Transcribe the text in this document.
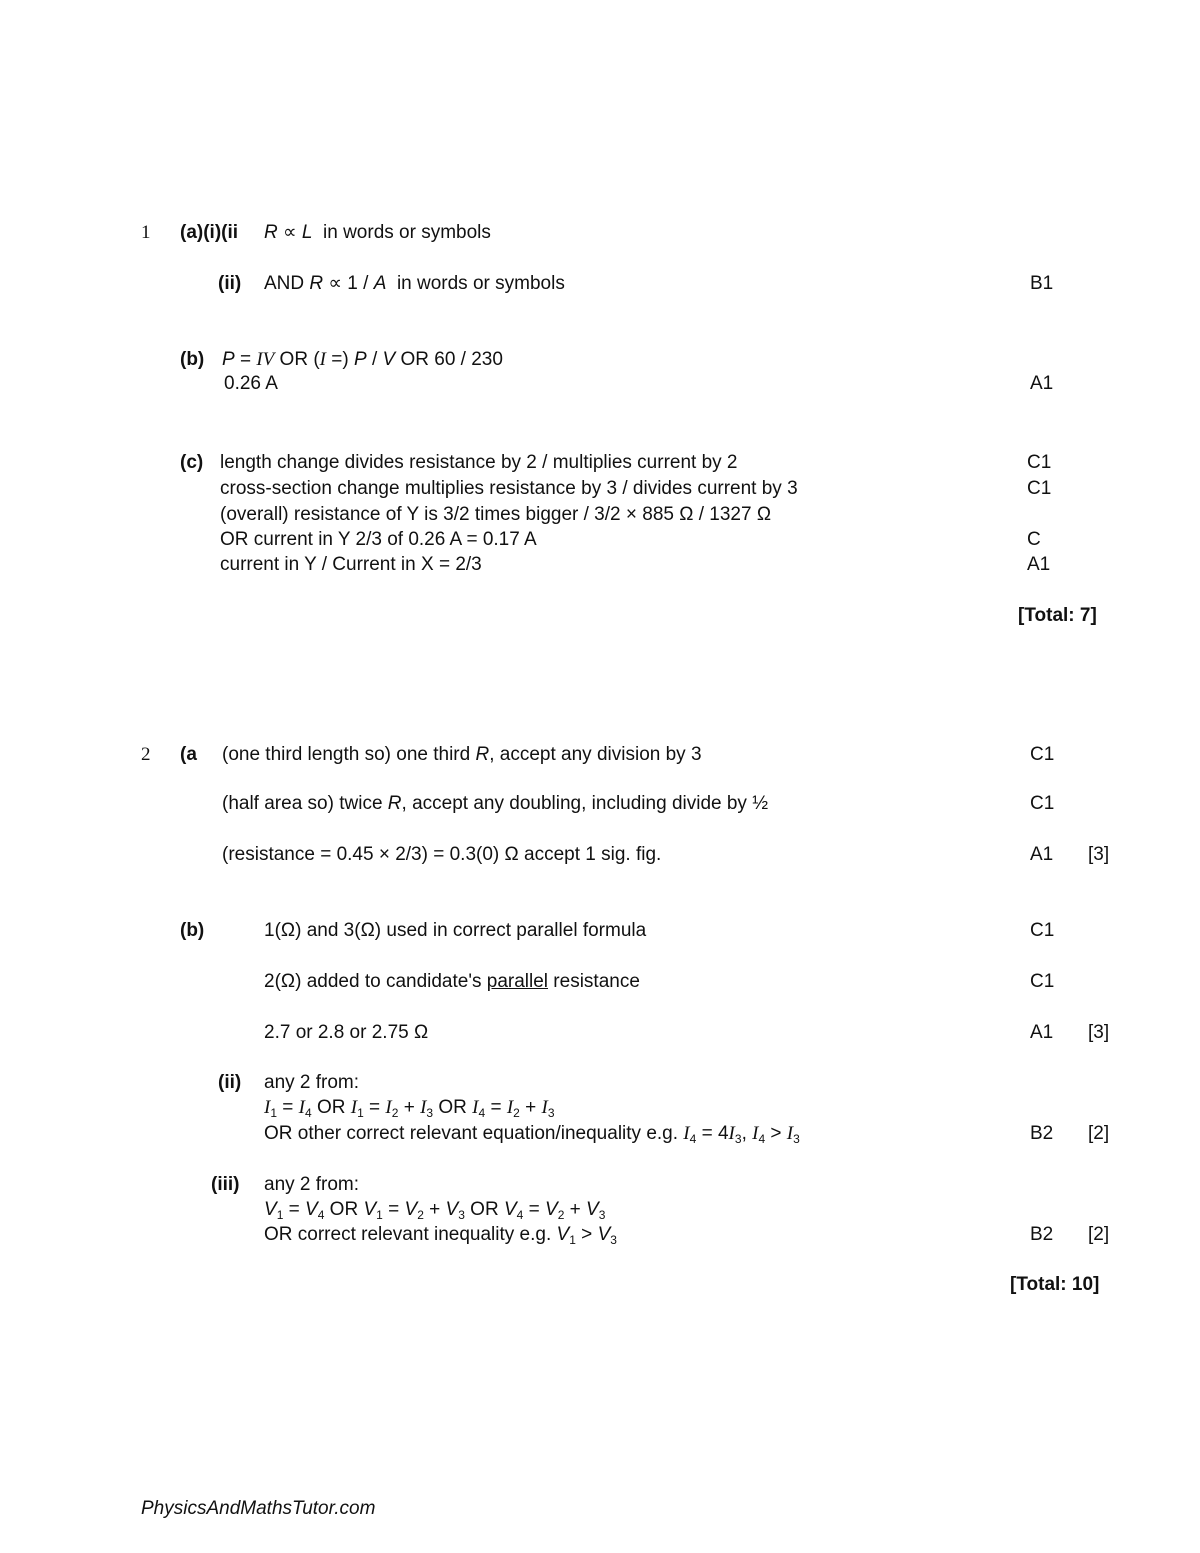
1 (a)(i)(ii R ∝ L in words or symbols
(ii) AND R ∝ 1 / A in words or symbols	B1
(b) P = IV OR (I =) P / V OR 60 / 230
0.26 A	A1
(c) length change divides resistance by 2 / multiplies current by 2	C1
cross-section change multiplies resistance by 3 / divides current by 3	C1
(overall) resistance of Y is 3/2 times bigger / 3/2 × 885 Ω / 1327 Ω
OR current in Y 2/3 of 0.26 A = 0.17 A	C
current in Y / Current in X = 2/3	A1
[Total: 7]
2 (a (one third length so) one third R, accept any division by 3	C1
(half area so) twice R, accept any doubling, including divide by ½	C1
(resistance = 0.45 × 2/3) = 0.3(0) Ω accept 1 sig. fig.	A1 [3]
(b)	1(Ω) and 3(Ω) used in correct parallel formula	C1
2(Ω) added to candidate's parallel resistance	C1
2.7 or 2.8 or 2.75 Ω	A1 [3]
(ii) any 2 from:
$I_1 = I_4$ OR $I_1 = I_2 + I_3$ OR $I_4 = I_2 + I_3$
OR other correct relevant equation/inequality e.g. $I_4 = 4I_3$, $I_4 > I_3$	B2 [2]
(iii) any 2 from:
$V_1 = V_4$ OR $V_1 = V_2 + V_3$ OR $V_4 = V_2 + V_3$
OR correct relevant inequality e.g. $V_1 > V_3$	B2 [2]
[Total: 10]
PhysicsAndMathsTutor.com
